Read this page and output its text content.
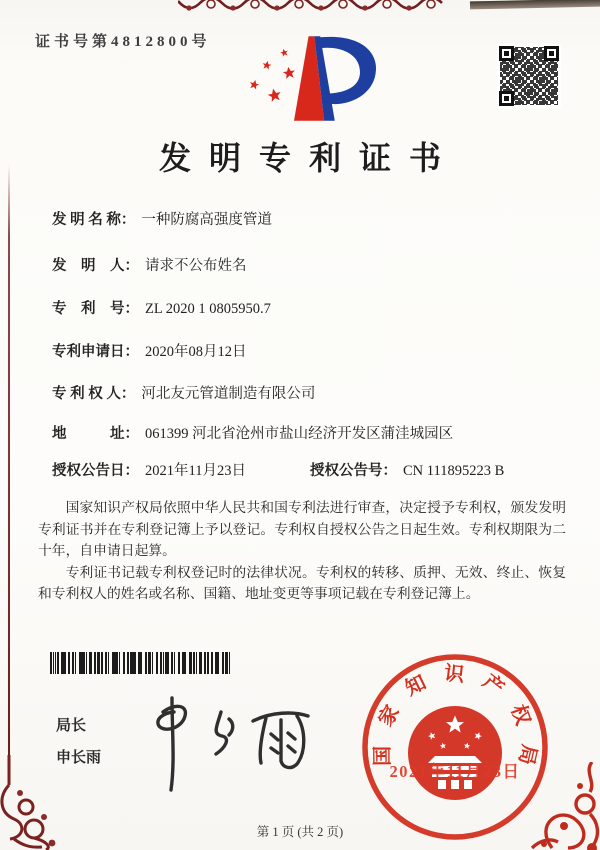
证书号第4812800号
发明专利证书
发 明 名 称： 一种防腐高强度管道
发　明　人： 请求不公布姓名
专　利　号： ZL 2020 1 0805950.7
专利申请日： 2020年08月12日
专 利 权 人： 河北友元管道制造有限公司
地　　　址： 061399 河北省沧州市盐山经济开发区蒲洼城园区
授权公告日： 2021年11月23日	授权公告号： CN 111895223 B

国家知识产权局依照中华人民共和国专利法进行审查，决定授予专利权，颁发发明专利证书并在专利登记簿上予以登记。专利权自授权公告之日起生效。专利权期限为二十年，自申请日起算。

专利证书记载专利权登记时的法律状况。专利权的转移、质押、无效、终止、恢复和专利权人的姓名或名称、国籍、地址变更等事项记载在专利登记簿上。

局长
申长雨	国家知识产权局
2021年11月23日
第 1 页 (共 2 页)
